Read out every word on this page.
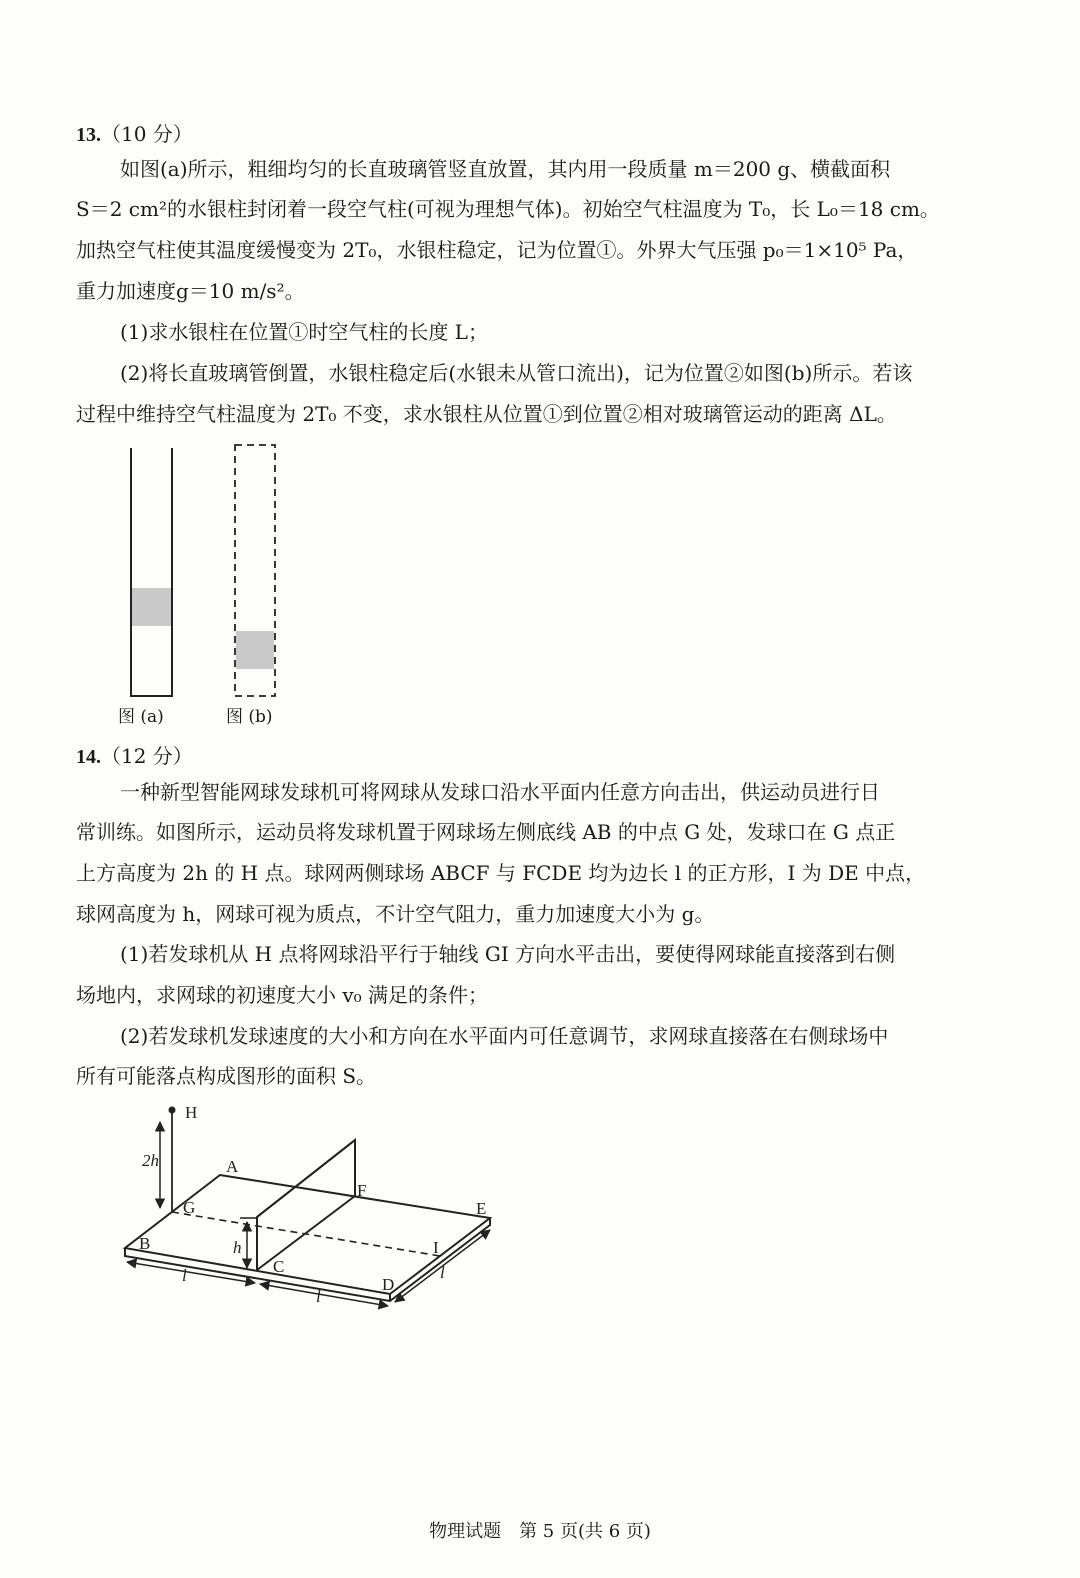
13.（10 分）
如图(a)所示，粗细均匀的长直玻璃管竖直放置，其内用一段质量 m＝200 g、横截面积
S＝2 cm²的水银柱封闭着一段空气柱(可视为理想气体)。初始空气柱温度为 T₀，长 L₀＝18 cm。
加热空气柱使其温度缓慢变为 2T₀，水银柱稳定，记为位置①。外界大气压强 p₀＝1×10⁵ Pa，
重力加速度g＝10 m/s²。
(1)求水银柱在位置①时空气柱的长度 L；
(2)将长直玻璃管倒置，水银柱稳定后(水银未从管口流出)，记为位置②如图(b)所示。若该
过程中维持空气柱温度为 2T₀ 不变，求水银柱从位置①到位置②相对玻璃管运动的距离 ΔL。
图 (a)	图 (b)
14.（12 分）
一种新型智能网球发球机可将网球从发球口沿水平面内任意方向击出，供运动员进行日
常训练。如图所示，运动员将发球机置于网球场左侧底线 AB 的中点 G 处，发球口在 G 点正
上方高度为 2h 的 H 点。球网两侧球场 ABCF 与 FCDE 均为边长 l 的正方形，I 为 DE 中点，
球网高度为 h，网球可视为质点，不计空气阻力，重力加速度大小为 g。
(1)若发球机从 H 点将网球沿平行于轴线 GI 方向水平击出，要使得网球能直接落到右侧
场地内，求网球的初速度大小 v₀ 满足的条件；
(2)若发球机发球速度的大小和方向在水平面内可任意调节，求网球直接落在右侧球场中
所有可能落点构成图形的面积 S。
H
2h	A
F
E
G
B	h
C
I
D
l
l
l
物理试题　第 5 页(共 6 页)
